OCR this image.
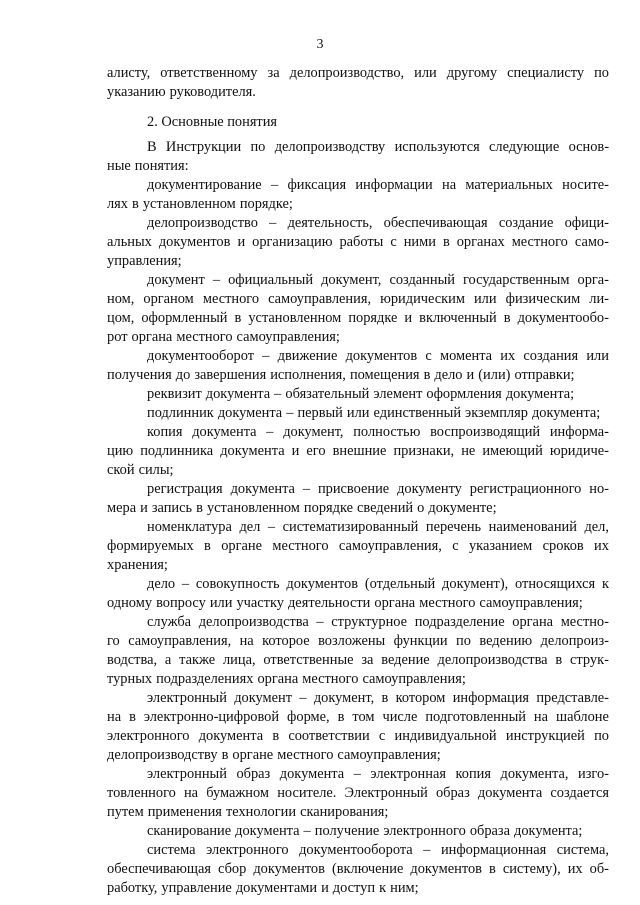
3
алисту, ответственному за делопроизводство, или другому специалисту по
указанию руководителя.
2. Основные понятия
В Инструкции по делопроизводству используются следующие основ-
ные понятия:
документирование – фиксация информации на материальных носите-
лях в установленном порядке;
делопроизводство – деятельность, обеспечивающая создание офици-
альных документов и организацию работы с ними в органах местного само-
управления;
документ – официальный документ, созданный государственным орга-
ном, органом местного самоуправления, юридическим или физическим ли-
цом, оформленный в установленном порядке и включенный в документообо-
рот органа местного самоуправления;
документооборот – движение документов с момента их создания или
получения до завершения исполнения, помещения в дело и (или) отправки;
реквизит документа – обязательный элемент оформления документа;
подлинник документа – первый или единственный экземпляр документа;
копия документа – документ, полностью воспроизводящий информа-
цию подлинника документа и его внешние признаки, не имеющий юридиче-
ской силы;
регистрация документа – присвоение документу регистрационного но-
мера и запись в установленном порядке сведений о документе;
номенклатура дел – систематизированный перечень наименований дел,
формируемых в органе местного самоуправления, с указанием сроков их
хранения;
дело – совокупность документов (отдельный документ), относящихся к
одному вопросу или участку деятельности органа местного самоуправления;
служба делопроизводства – структурное подразделение органа местно-
го самоуправления, на которое возложены функции по ведению делопроиз-
водства, а также лица, ответственные за ведение делопроизводства в струк-
турных подразделениях органа местного самоуправления;
электронный документ – документ, в котором информация представле-
на в электронно-цифровой форме, в том числе подготовленный на шаблоне
электронного документа в соответствии с индивидуальной инструкцией по
делопроизводству в органе местного самоуправления;
электронный образ документа – электронная копия документа, изго-
товленного на бумажном носителе. Электронный образ документа создается
путем применения технологии сканирования;
сканирование документа – получение электронного образа документа;
система электронного документооборота – информационная система,
обеспечивающая сбор документов (включение документов в систему), их об-
работку, управление документами и доступ к ним;
